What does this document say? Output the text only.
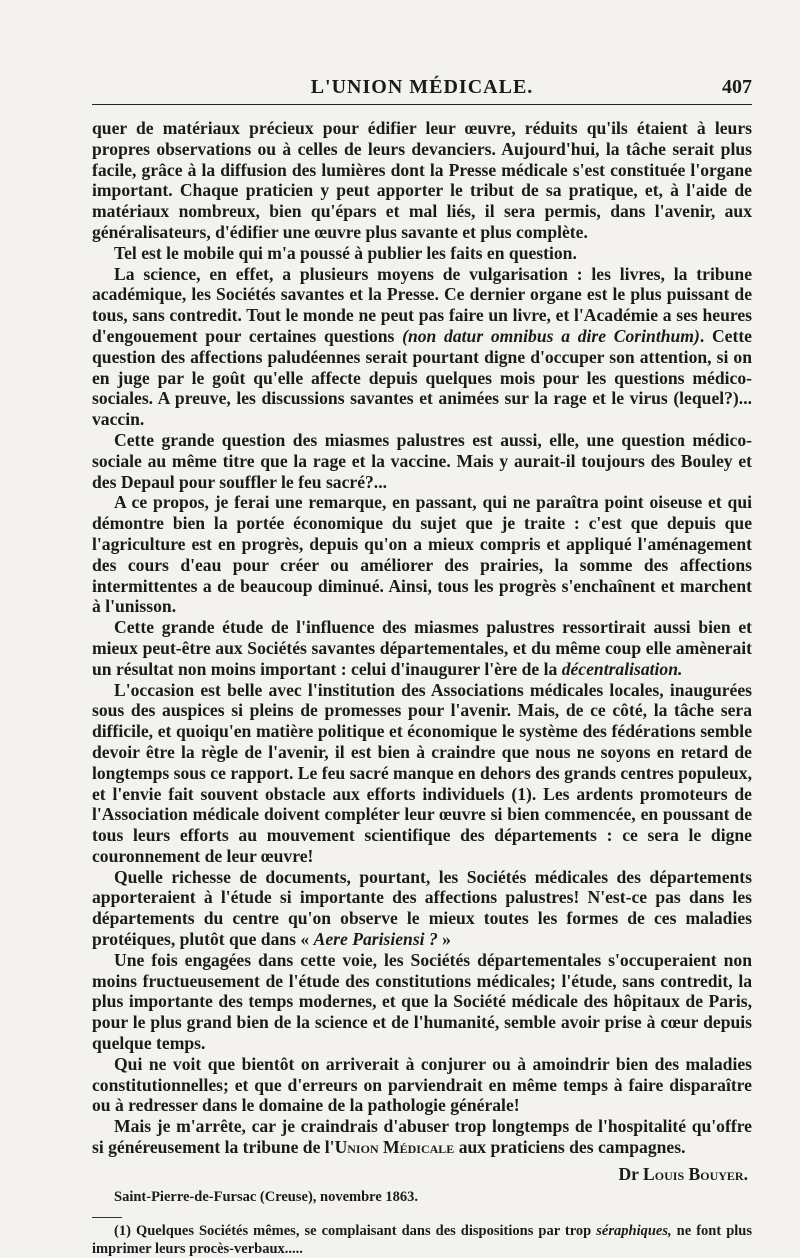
L'UNION MÉDICALE.	407

quer de matériaux précieux pour édifier leur œuvre, réduits qu'ils étaient à leurs propres observations ou à celles de leurs devanciers. Aujourd'hui, la tâche serait plus facile, grâce à la diffusion des lumières dont la Presse médicale s'est constituée l'organe important. Chaque praticien y peut apporter le tribut de sa pratique, et, à l'aide de matériaux nombreux, bien qu'épars et mal liés, il sera permis, dans l'avenir, aux généralisateurs, d'édifier une œuvre plus savante et plus complète.

Tel est le mobile qui m'a poussé à publier les faits en question.

La science, en effet, a plusieurs moyens de vulgarisation : les livres, la tribune académique, les Sociétés savantes et la Presse. Ce dernier organe est le plus puissant de tous, sans contredit. Tout le monde ne peut pas faire un livre, et l'Académie a ses heures d'engouement pour certaines questions (non datur omnibus a dire Corinthum). Cette question des affections paludéennes serait pourtant digne d'occuper son attention, si on en juge par le goût qu'elle affecte depuis quelques mois pour les questions médico-sociales. A preuve, les discussions savantes et animées sur la rage et le virus (lequel?)... vaccin.

Cette grande question des miasmes palustres est aussi, elle, une question médico-sociale au même titre que la rage et la vaccine. Mais y aurait-il toujours des Bouley et des Depaul pour souffler le feu sacré?...

A ce propos, je ferai une remarque, en passant, qui ne paraîtra point oiseuse et qui démontre bien la portée économique du sujet que je traite : c'est que depuis que l'agriculture est en progrès, depuis qu'on a mieux compris et appliqué l'aménagement des cours d'eau pour créer ou améliorer des prairies, la somme des affections intermittentes a de beaucoup diminué. Ainsi, tous les progrès s'enchaînent et marchent à l'unisson.

Cette grande étude de l'influence des miasmes palustres ressortirait aussi bien et mieux peut-être aux Sociétés savantes départementales, et du même coup elle amènerait un résultat non moins important : celui d'inaugurer l'ère de la décentralisation.

L'occasion est belle avec l'institution des Associations médicales locales, inaugurées sous des auspices si pleins de promesses pour l'avenir. Mais, de ce côté, la tâche sera difficile, et quoiqu'en matière politique et économique le système des fédérations semble devoir être la règle de l'avenir, il est bien à craindre que nous ne soyons en retard de longtemps sous ce rapport. Le feu sacré manque en dehors des grands centres populeux, et l'envie fait souvent obstacle aux efforts individuels (1). Les ardents promoteurs de l'Association médicale doivent compléter leur œuvre si bien commencée, en poussant de tous leurs efforts au mouvement scientifique des départements : ce sera le digne couronnement de leur œuvre!

Quelle richesse de documents, pourtant, les Sociétés médicales des départements apporteraient à l'étude si importante des affections palustres! N'est-ce pas dans les départements du centre qu'on observe le mieux toutes les formes de ces maladies protéiques, plutôt que dans « Aere Parisiensi ? »

Une fois engagées dans cette voie, les Sociétés départementales s'occuperaient non moins fructueusement de l'étude des constitutions médicales; l'étude, sans contredit, la plus importante des temps modernes, et que la Société médicale des hôpitaux de Paris, pour le plus grand bien de la science et de l'humanité, semble avoir prise à cœur depuis quelque temps.

Qui ne voit que bientôt on arriverait à conjurer ou à amoindrir bien des maladies constitutionnelles; et que d'erreurs on parviendrait en même temps à faire disparaître ou à redresser dans le domaine de la pathologie générale!

Mais je m'arrête, car je craindrais d'abuser trop longtemps de l'hospitalité qu'offre si généreusement la tribune de l'Union Médicale aux praticiens des campagnes.

Dr Louis Bouyer.
Saint-Pierre-de-Fursac (Creuse), novembre 1863.
(1) Quelques Sociétés mêmes, se complaisant dans des dispositions par trop séraphiques, ne font plus imprimer leurs procès-verbaux.....
